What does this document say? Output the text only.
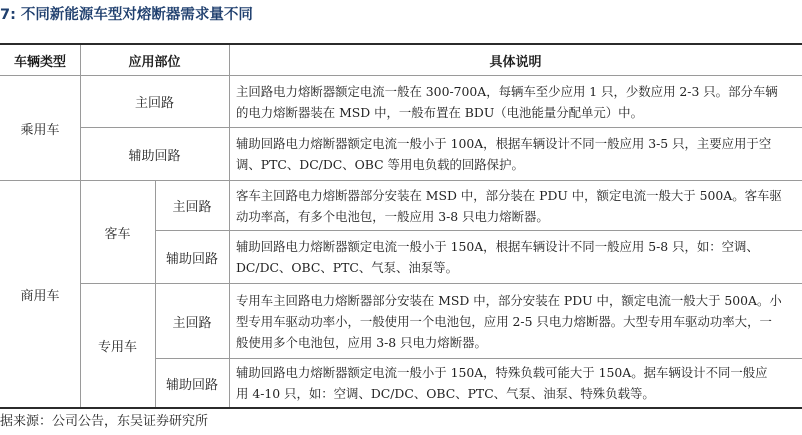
7: 不同新能源车型对熔断器需求量不同
车辆类型	应用部位	具体说明
乘用车
商用车
客车
专用车
主回路
辅助回路
主回路
辅助回路
主回路
辅助回路
主回路电力熔断器额定电流一般在 300-700A，每辆车至少应用 1 只，少数应用 2-3 只。部分车辆
的电力熔断器装在 MSD 中，一般布置在 BDU（电池能量分配单元）中。
辅助回路电力熔断器额定电流一般小于 100A，根据车辆设计不同一般应用 3-5 只，主要应用于空
调、PTC、DC/DC、OBC 等用电负载的回路保护。
客车主回路电力熔断器部分安装在 MSD 中，部分装在 PDU 中，额定电流一般大于 500A。客车驱
动功率高，有多个电池包，一般应用 3-8 只电力熔断器。
辅助回路电力熔断器额定电流一般小于 150A，根据车辆设计不同一般应用 5-8 只，如：空调、
DC/DC、OBC、PTC、气泵、油泵等。
专用车主回路电力熔断器部分安装在 MSD 中，部分安装在 PDU 中，额定电流一般大于 500A。小
型专用车驱动功率小，一般使用一个电池包，应用 2-5 只电力熔断器。大型专用车驱动功率大，一
般使用多个电池包，应用 3-8 只电力熔断器。
辅助回路电力熔断器额定电流一般小于 150A，特殊负载可能大于 150A。据车辆设计不同一般应
用 4-10 只，如：空调、DC/DC、OBC、PTC、气泵、油泵、特殊负载等。
据来源：公司公告，东吴证券研究所
